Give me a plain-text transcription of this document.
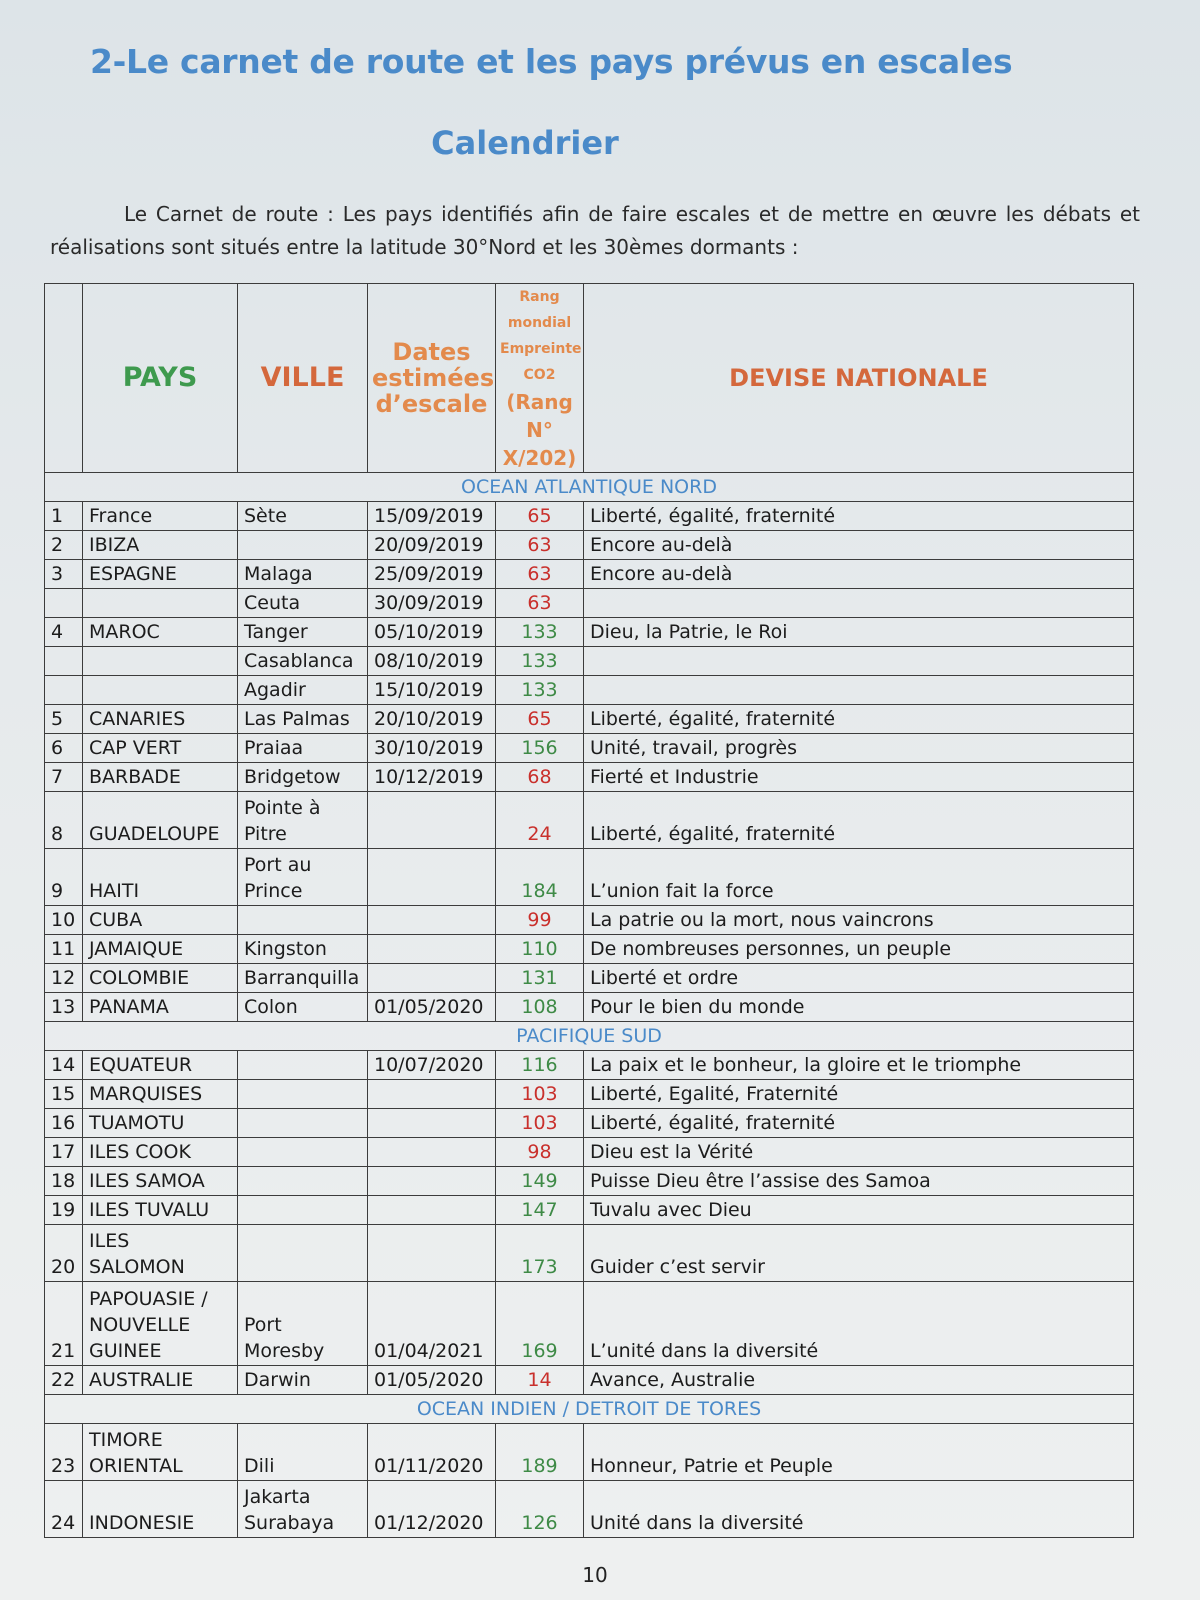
2-Le carnet de route et les pays prévus en escales
Calendrier

Le Carnet de route : Les pays identifiés afin de faire escales et de mettre en œuvre les débats et réalisations sont situés entre la latitude 30°Nord et les 30èmes dormants :

	PAYS	VILLE	Dates estimées d’escale	Rang mondial Empreinte CO2
(Rang N° X/202)	DEVISE NATIONALE
OCEAN ATLANTIQUE NORD					
1	France	Sète	15/09/2019	65	Liberté, égalité, fraternité
2	IBIZA		20/09/2019	63	Encore au-delà
3	ESPAGNE	Malaga	25/09/2019	63	Encore au-delà
		Ceuta	30/09/2019	63	
4	MAROC	Tanger	05/10/2019	133	Dieu, la Patrie, le Roi
		Casablanca	08/10/2019	133	
		Agadir	15/10/2019	133	
5	CANARIES	Las Palmas	20/10/2019	65	Liberté, égalité, fraternité
6	CAP VERT	Praiaa	30/10/2019	156	Unité, travail, progrès
7	BARBADE	Bridgetow	10/12/2019	68	Fierté et Industrie
8	GUADELOUPE	Pointe à Pitre		24	Liberté, égalité, fraternité
9	HAITI	Port au Prince		184	L’union fait la force
10	CUBA			99	La patrie ou la mort, nous vaincrons
11	JAMAIQUE	Kingston		110	De nombreuses personnes, un peuple
12	COLOMBIE	Barranquilla		131	Liberté et ordre
13	PANAMA	Colon	01/05/2020	108	Pour le bien du monde
PACIFIQUE SUD					
14	EQUATEUR		10/07/2020	116	La paix et le bonheur, la gloire et le triomphe
15	MARQUISES			103	Liberté, Egalité, Fraternité
16	TUAMOTU			103	Liberté, égalité, fraternité
17	ILES COOK			98	Dieu est la Vérité
18	ILES SAMOA			149	Puisse Dieu être l’assise des Samoa
19	ILES TUVALU			147	Tuvalu avec Dieu
20	ILES SALOMON			173	Guider c’est servir
21	PAPOUASIE / NOUVELLE GUINEE	Port Moresby	01/04/2021	169	L’unité dans la diversité
22	AUSTRALIE	Darwin	01/05/2020	14	Avance, Australie
OCEAN INDIEN / DETROIT DE TORES					
23	TIMORE ORIENTAL	Dili	01/11/2020	189	Honneur, Patrie et Peuple
24	INDONESIE	Jakarta Surabaya	01/12/2020	126	Unité dans la diversité

10
